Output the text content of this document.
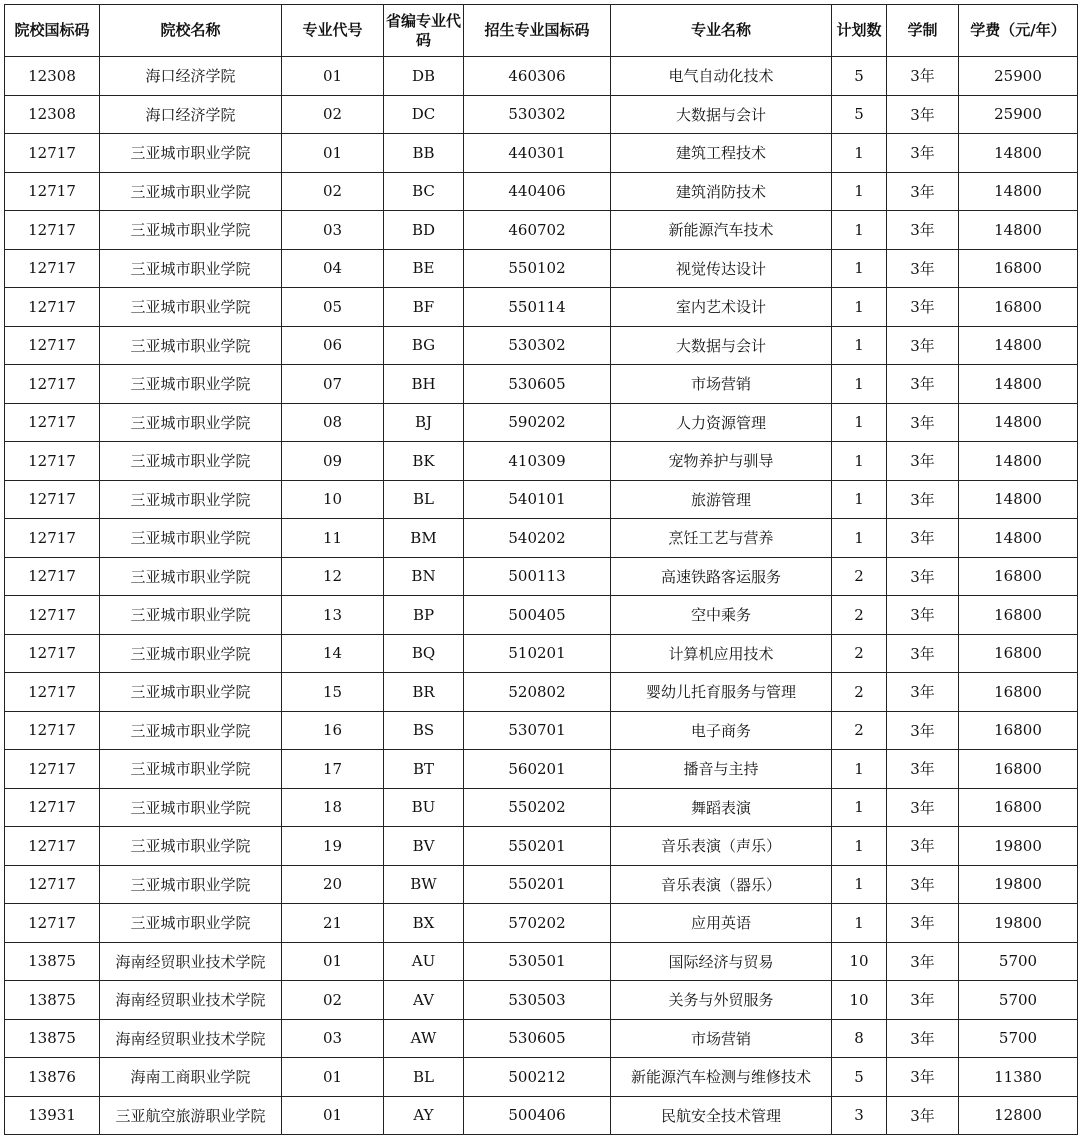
院校国标码	院校名称	专业代号	省编专业代码	招生专业国标码	专业名称	计划数	学制	学费（元/年）
12308	海口经济学院	01	DB	460306	电气自动化技术	5	3年	25900
12308	海口经济学院	02	DC	530302	大数据与会计	5	3年	25900
12717	三亚城市职业学院	01	BB	440301	建筑工程技术	1	3年	14800
12717	三亚城市职业学院	02	BC	440406	建筑消防技术	1	3年	14800
12717	三亚城市职业学院	03	BD	460702	新能源汽车技术	1	3年	14800
12717	三亚城市职业学院	04	BE	550102	视觉传达设计	1	3年	16800
12717	三亚城市职业学院	05	BF	550114	室内艺术设计	1	3年	16800
12717	三亚城市职业学院	06	BG	530302	大数据与会计	1	3年	14800
12717	三亚城市职业学院	07	BH	530605	市场营销	1	3年	14800
12717	三亚城市职业学院	08	BJ	590202	人力资源管理	1	3年	14800
12717	三亚城市职业学院	09	BK	410309	宠物养护与驯导	1	3年	14800
12717	三亚城市职业学院	10	BL	540101	旅游管理	1	3年	14800
12717	三亚城市职业学院	11	BM	540202	烹饪工艺与营养	1	3年	14800
12717	三亚城市职业学院	12	BN	500113	高速铁路客运服务	2	3年	16800
12717	三亚城市职业学院	13	BP	500405	空中乘务	2	3年	16800
12717	三亚城市职业学院	14	BQ	510201	计算机应用技术	2	3年	16800
12717	三亚城市职业学院	15	BR	520802	婴幼儿托育服务与管理	2	3年	16800
12717	三亚城市职业学院	16	BS	530701	电子商务	2	3年	16800
12717	三亚城市职业学院	17	BT	560201	播音与主持	1	3年	16800
12717	三亚城市职业学院	18	BU	550202	舞蹈表演	1	3年	16800
12717	三亚城市职业学院	19	BV	550201	音乐表演（声乐）	1	3年	19800
12717	三亚城市职业学院	20	BW	550201	音乐表演（器乐）	1	3年	19800
12717	三亚城市职业学院	21	BX	570202	应用英语	1	3年	19800
13875	海南经贸职业技术学院	01	AU	530501	国际经济与贸易	10	3年	5700
13875	海南经贸职业技术学院	02	AV	530503	关务与外贸服务	10	3年	5700
13875	海南经贸职业技术学院	03	AW	530605	市场营销	8	3年	5700
13876	海南工商职业学院	01	BL	500212	新能源汽车检测与维修技术	5	3年	11380
13931	三亚航空旅游职业学院	01	AY	500406	民航安全技术管理	3	3年	12800
